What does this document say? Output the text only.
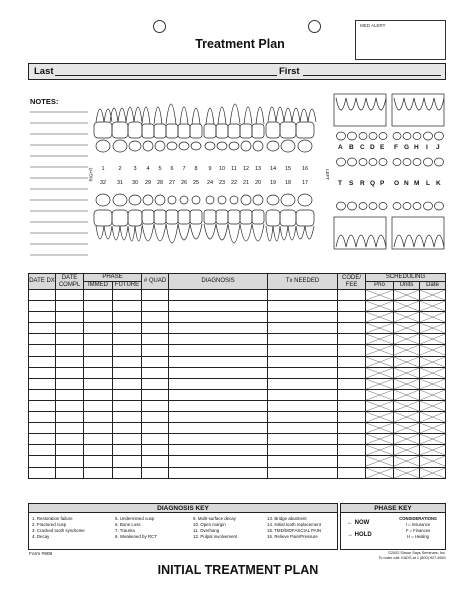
Treatment Plan
MED ALERT
Last	First
NOTES:
RIGHT	LEFT
1	2	3	4	5	6	7	8	9	10	11	12	13	14	15	16
32	31	30	29	28	27	26	25	24	23	22	21	20	19	18	17
A B C D E F G H I J
T S R Q P O N M L K
DATE DX	DATE COMPL	PHASE		# QUAD	DIAGNOSIS	Tx NEEDED	CODE/ FEE	SCHEDULING		
		IMMED	FUTURE					Prio	Units	Date

DIAGNOSIS KEY
1. Restoration failure
2. Fractured cusp
3. Cracked tooth syndrome
4. Decay
5. Undermined cusp
6. Bone Loss
7. Trauma
8. Weakened by RCT
9. Multi-surface decay
10. Open margin
11. Overhang
12. Pulpal involvement
13. Bridge abutment
14. Initial tooth replacement
15. TMD/MOFASCIAL PAIN
16. Relieve Pain/Pressure
PHASE KEY
← NOW
→ HOLD
CONSIDERATIONS
I = Insurance
F = Finances
H = Healing
Form #908	©2002 Simon Says Seminars, Inc.
To order call: KADS at 1 (800) 927-6501
INITIAL TREATMENT PLAN
